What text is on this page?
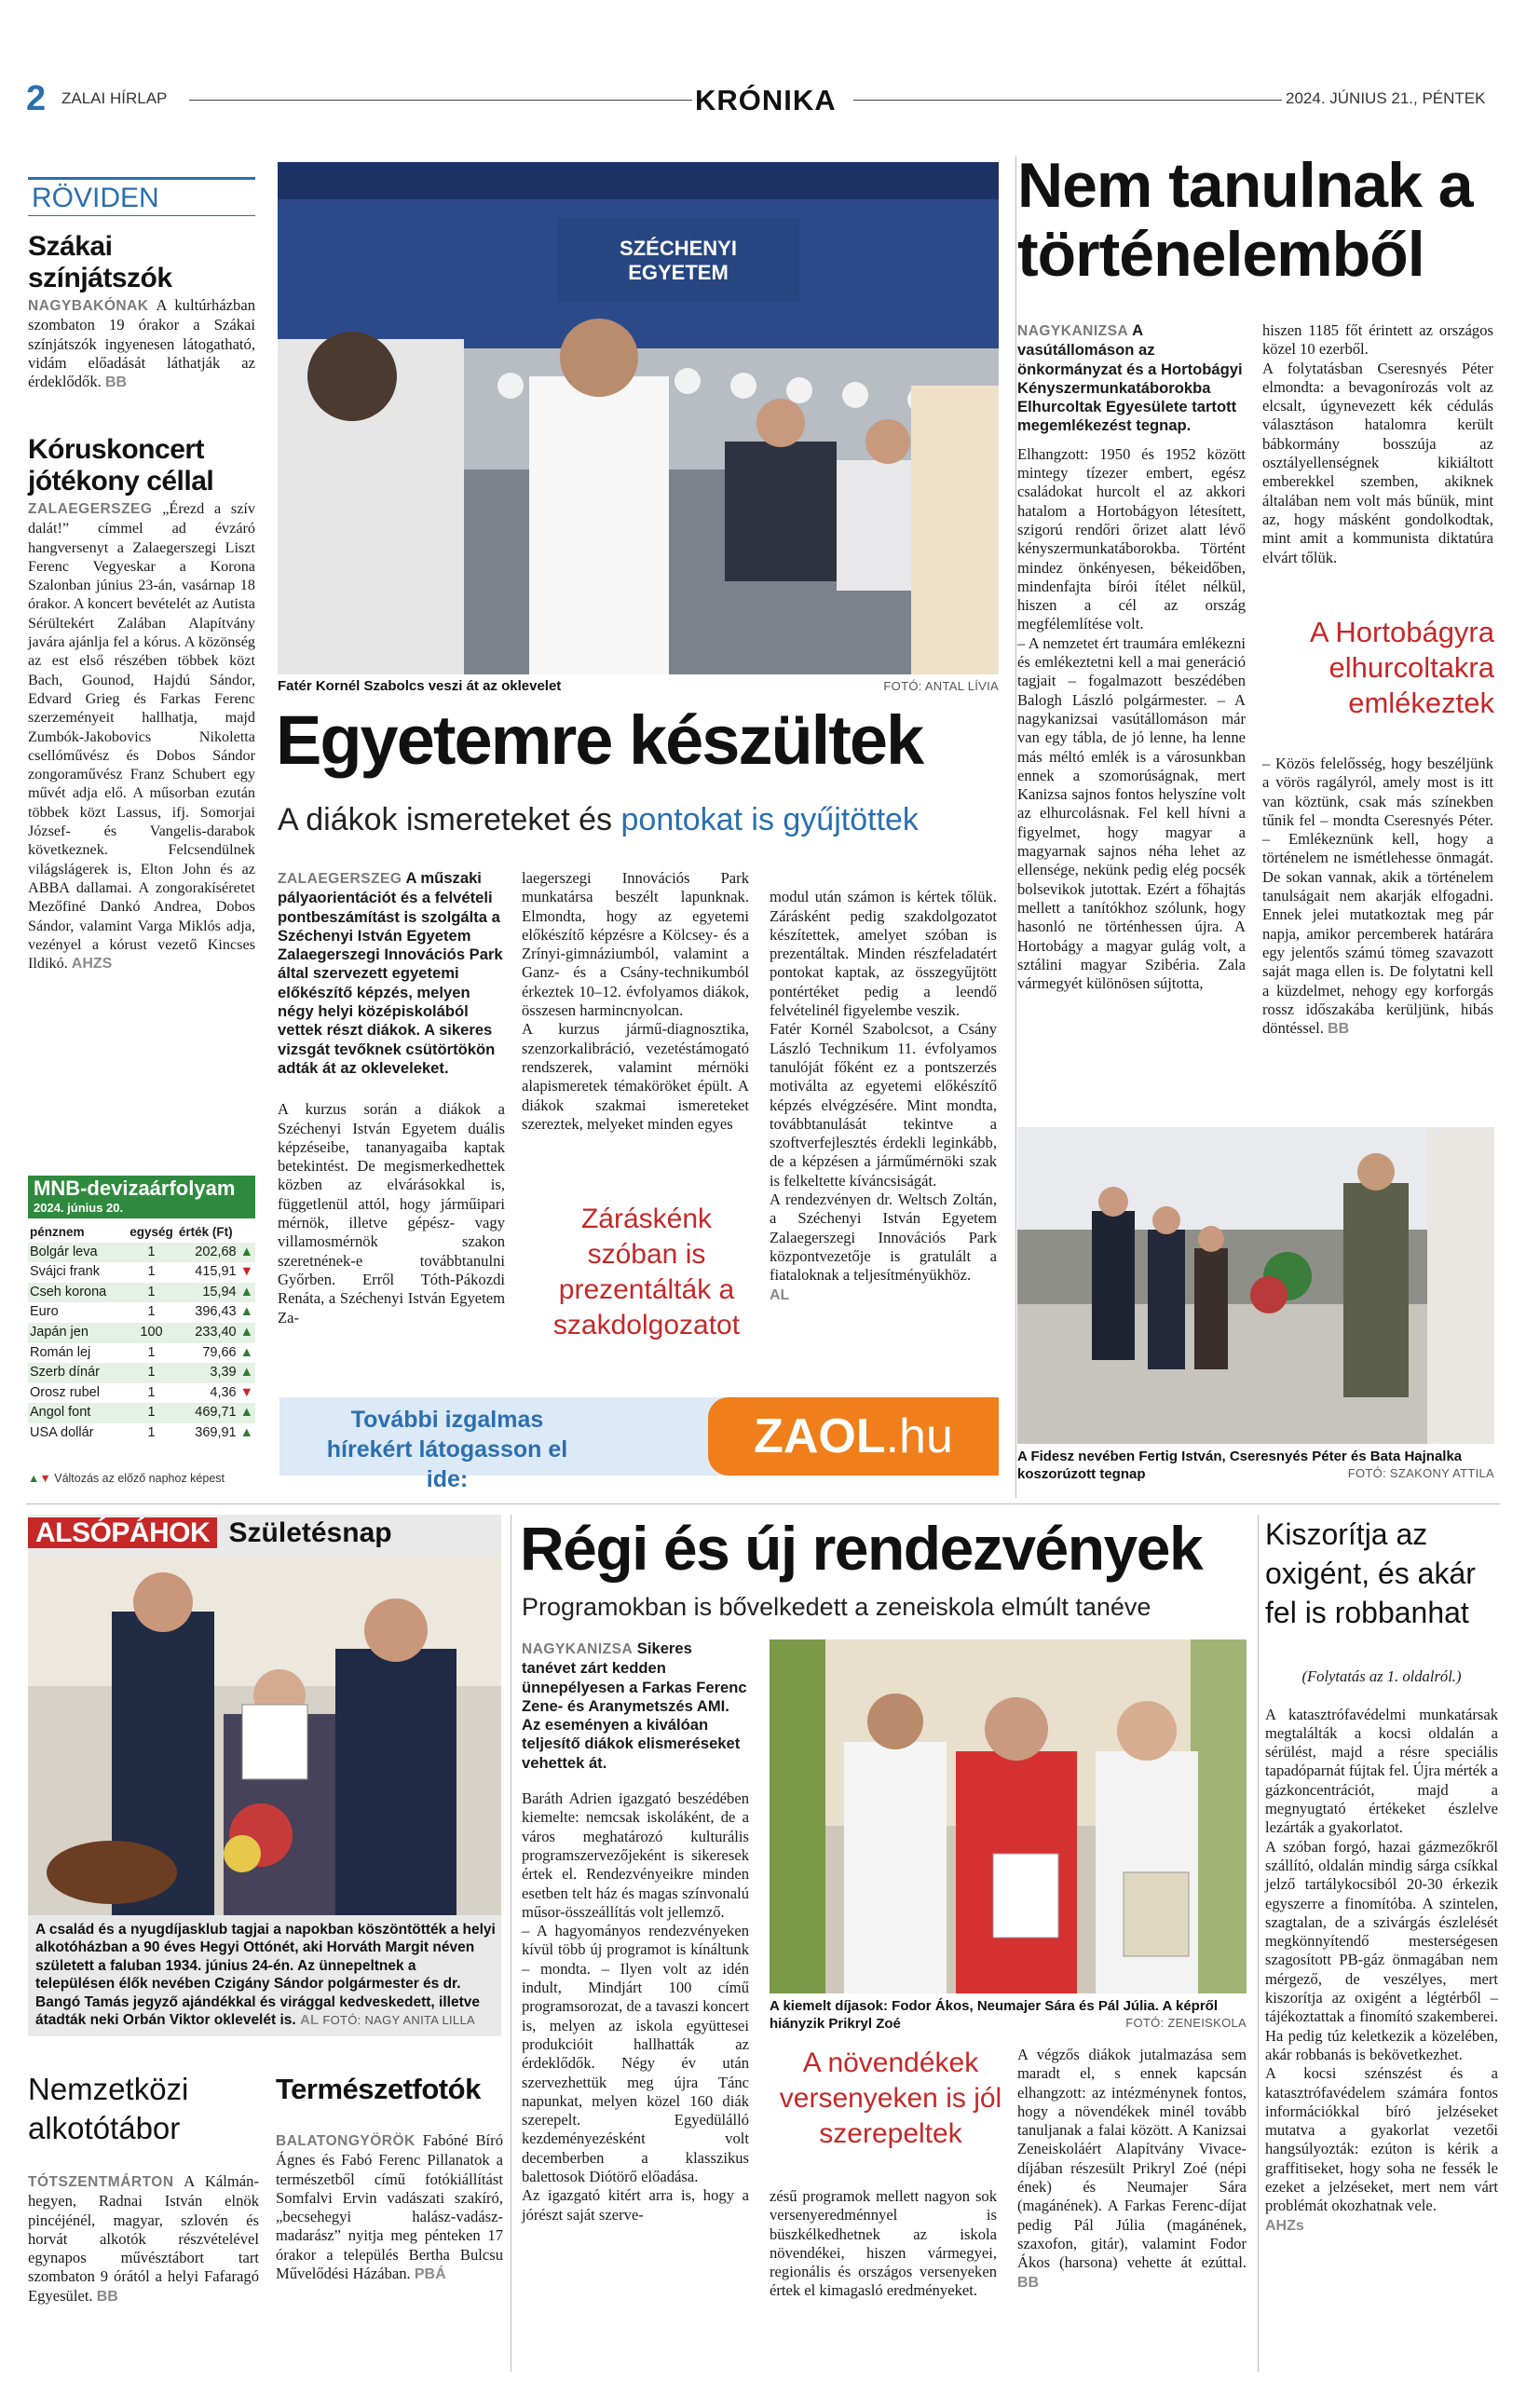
2 ZALAI HÍRLAP	KRÓNIKA	2024. JÚNIUS 21., PÉNTEK
RÖVIDEN
Szákai színjátszók
NAGYBAKÓNAK A kultúrházban szombaton 19 órakor a Szákai színjátszók ingyenesen látogatható, vidám előadását láthatják az érdeklődők. BB
Kóruskoncert jótékony céllal
ZALAEGERSZEG „Érezd a szív dalát!” címmel ad évzáró hangversenyt a Zalaegerszegi Liszt Ferenc Vegyeskar a Korona Szalonban június 23-án, vasárnap 18 órakor. A koncert bevételét az Autista Sérültekért Zalában Alapítvány javára ajánlja fel a kórus. A közönség az est első részében többek közt Bach, Gounod, Hajdú Sándor, Edvard Grieg és Farkas Ferenc szerzeményeit hallhatja, majd Zumbók-Jakobovics Nikoletta csellóművész és Dobos Sándor zongoraművész Franz Schubert egy művét adja elő. A műsorban ezután többek közt Lassus, ifj. Somorjai József- és Vangelis-darabok következnek. Felcsendülnek világslágerek is, Elton John és az ABBA dallamai. A zongorakíséretet Mezőfiné Dankó Andrea, Dobos Sándor, valamint Varga Miklós adja, vezényel a kórust vezető Kincses Ildikó. AHZS
MNB-devizaárfolyam
2024. június 20.
pénznem	egység	érték (Ft)
Bolgár leva	1	202,68 ▲
Svájci frank	1	415,91 ▼
Cseh korona	1	15,94 ▲
Euro	1	396,43 ▲
Japán jen	100	233,40 ▲
Román lej	1	79,66 ▲
Szerb dínár	1	3,39 ▲
Orosz rubel	1	4,36 ▼
Angol font	1	469,71 ▲
USA dollár	1	369,91 ▲
▲▼ Változás az előző naphoz képest
SZÉCHENYI
EGYETEM
Fatér Kornél Szabolcs veszi át az oklevelet	FOTÓ: ANTAL LÍVIA
Egyetemre készültek
A diákok ismereteket és pontokat is gyűjtöttek
ZALAEGERSZEG A műszaki pályaorientációt és a felvételi pontbeszámítást is szolgálta a Széchenyi István Egyetem Zalaegerszegi Innovációs Park által szervezett egyetemi előkészítő képzés, melyen négy helyi középiskolából vettek részt diákok. A sikeres vizsgát tevőknek csütörtökön adták át az okleveleket.
A kurzus során a diákok a Széchenyi István Egyetem duális képzéseibe, tananyagaiba kaptak betekintést. De megismerkedhettek közben az elvárásokkal is, függetlenül attól, hogy járműipari mérnök, illetve gépész- vagy villamosmérnök szakon szeretnének-e továbbtanulni Győrben. Erről Tóth-Pákozdi Renáta, a Széchenyi István Egyetem Za-
laegerszegi Innovációs Park munkatársa beszélt lapunknak. Elmondta, hogy az egyetemi előkészítő képzésre a Kölcsey- és a Zrínyi-gimnáziumból, valamint a Ganz- és a Csány-technikumból érkeztek 10–12. évfolyamos diákok, összesen harmincnyolcan.
A kurzus jármű-diagnosztika, szenzorkalibráció, vezetéstámogató rendszerek, valamint mérnöki alapismeretek témaköröket épült. A diákok szakmai ismereteket szereztek, melyeket minden egyes
Záráskénk szóban is prezentálták a szakdolgozatot

modul után számon is kértek tőlük. Zárásként pedig szakdolgozatot készítettek, amelyet szóban is prezentáltak. Minden részfeladatért pontokat kaptak, az összegyűjtött pontértéket pedig a leendő felvételinél figyelembe veszik.
Fatér Kornél Szabolcsot, a Csány László Technikum 11. évfolyamos tanulóját főként ez a pontszerzés motiválta az egyetemi előkészítő képzés elvégzésére. Mint mondta, továbbtanulását tekintve a szoftverfejlesztés érdekli leginkább, de a képzésen a járműmérnöki szak is felkeltette kíváncsiságát.
A rendezvényen dr. Weltsch Zoltán, a Széchenyi István Egyetem Zalaegerszegi Innovációs Park központvezetője is gratulált a fiataloknak a teljesítményükhöz.
AL

További izgalmas hírekért látogasson el ide:
ZAOL.hu
Nem tanulnak a történelemből
NAGYKANIZSA A vasútállomáson az önkormányzat és a Hortobágyi Kényszermunkatáborokba Elhurcoltak Egyesülete tartott megemlékezést tegnap.
Elhangzott: 1950 és 1952 között mintegy tízezer embert, egész családokat hurcolt el az akkori hatalom a Hortobágyon létesített, szigorú rendőri őrizet alatt lévő kényszermunkatáborokba. Történt mindez önkényesen, békeidőben, mindenfajta bírói ítélet nélkül, hiszen a cél az ország megfélemlítése volt.
– A nemzetet ért traumára emlékezni és emlékeztetni kell a mai generáció tagjait – fogalmazott beszédében Balogh László polgármester. – A nagykanizsai vasútállomáson már van egy tábla, de jó lenne, ha lenne más méltó emlék is a városunkban ennek a szomorúságnak, mert Kanizsa sajnos fontos helyszíne volt az elhurcolásnak. Fel kell hívni a figyelmet, hogy magyar a magyarnak sajnos néha lehet az ellensége, nekünk pedig elég pocsék bolsevikok jutottak. Ezért a főhajtás mellett a tanítókhoz szólunk, hogy hasonló ne történhessen újra. A Hortobágy a magyar gulág volt, a sztálini magyar Szibéria. Zala vármegyét különösen sújtotta,
hiszen 1185 főt érintett az országos közel 10 ezerből.
A folytatásban Cseresnyés Péter elmondta: a bevagonírozás volt az elcsalt, úgynevezett kék cédulás választáson hatalomra került bábkormány bosszúja az osztályellenségnek kikiáltott emberekkel szemben, akiknek általában nem volt más bűnük, mint az, hogy másként gondolkodtak, mint amit a kommunista diktatúra elvárt tőlük.
A Hortobágyra elhurcoltakra emlékeztek
– Közös felelősség, hogy beszéljünk a vörös ragályról, amely most is itt van köztünk, csak más színekben tűnik fel – mondta Cseresnyés Péter. – Emlékeznünk kell, hogy a történelem ne ismétlehesse önmagát. De sokan vannak, akik a történelem tanulságait nem akarják elfogadni. Ennek jelei mutatkoztak meg pár napja, amikor percemberek határára egy jelentős számú tömeg szavazott saját maga ellen is. De folytatni kell a küzdelmet, nehogy egy korforgás rossz időszakába kerüljünk, hibás döntéssel. BB
A Fidesz nevében Fertig István, Cseresnyés Péter és Bata Hajnalka koszorúzott tegnap	FOTÓ: SZAKONY ATTILA
ALSÓPÁHOK Születésnap
A család és a nyugdíjasklub tagjai a napokban köszöntötték a helyi alkotóházban a 90 éves Hegyi Ottónét, aki Horváth Margit néven született a faluban 1934. június 24-én. Az ünnepeltnek a településen élők nevében Czigány Sándor polgármester és dr. Bangó Tamás jegyző ajándékkal és virággal kedveskedett, illetve átadták neki Orbán Viktor oklevelét is. AL FOTÓ: NAGY ANITA LILLA
Nemzetközi alkotótábor
TÓTSZENTMÁRTON A Kálmán-hegyen, Radnai István elnök pincéjénél, magyar, szlovén és horvát alkotók részvételével egynapos művésztábort tart szombaton 9 órától a helyi Fafaragó Egyesület. BB
Természetfotók
BALATONGYÖRÖK Fabóné Bíró Ágnes és Fabó Ferenc Pillanatok a természetből című fotókiállítást Somfalvi Ervin vadászati szakíró, „becsehegyi halász-vadász-madarász” nyitja meg pénteken 17 órakor a település Bertha Bulcsu Művelődési Házában. PBÁ
Régi és új rendezvények
Programokban is bővelkedett a zeneiskola elmúlt tanéve
NAGYKANIZSA Sikeres tanévet zárt kedden ünnepélyesen a Farkas Ferenc Zene- és Aranymetszés AMI. Az eseményen a kiválóan teljesítő diákok elismeréseket vehettek át.
Baráth Adrien igazgató beszédében kiemelte: nemcsak iskoláként, de a város meghatározó kulturális programszervezőjeként is sikeresek értek el. Rendezvényeikre minden esetben telt ház és magas színvonalú műsor-összeállítás volt jellemző.
– A hagyományos rendezvényeken kívül több új programot is kínáltunk – mondta. – Ilyen volt az idén indult, Mindjárt 100 című programsorozat, de a tavaszi koncert is, melyen az iskola együttesei produkcióit hallhatták az érdeklődők. Négy év után szervezhettük meg újra Tánc napunkat, melyen közel 160 diák szerepelt. Egyedülálló kezdeményezésként volt decemberben a klasszikus balettosok Diótörő előadása.
Az igazgató kitért arra is, hogy a jórészt saját szerve-
A kiemelt díjasok: Fodor Ákos, Neumajer Sára és Pál Júlia. A képről hiányzik Prikryl Zoé	FOTÓ: ZENEISKOLA
A növendékek versenyeken is jól szerepeltek
zésű programok mellett nagyon sok versenyeredménnyel is büszkélkedhetnek az iskola növendékei, hiszen vármegyei, regionális és országos versenyeken értek el kimagasló eredményeket.
A végzős diákok jutalmazása sem maradt el, s ennek kapcsán elhangzott: az intézménynek fontos, hogy a növendékek minél tovább tanuljanak a falai között. A Kanizsai Zeneiskoláért Alapítvány Vivace-díjában részesült Prikryl Zoé (népi ének) és Neumajer Sára (magánének). A Farkas Ferenc-díjat pedig Pál Júlia (magánének, szaxofon, gitár), valamint Fodor Ákos (harsona) vehette át ezúttal. BB
Kiszorítja az oxigént, és akár fel is robbanhat
(Folytatás az 1. oldalról.)

A katasztrófavédelmi munkatársak megtalálták a kocsi oldalán a sérülést, majd a résre speciális tapadóparnát fújtak fel. Újra mérték a gázkoncentrációt, majd a megnyugtató értékeket észlelve lezárták a gyakorlatot.
A szóban forgó, hazai gázmezőkről szállító, oldalán mindig sárga csíkkal jelző tartálykocsiból 20-30 érkezik egyszerre a finomítóba. A szintelen, szagtalan, de a szivárgás észlelését megkönnyítendő mesterségesen szagosított PB-gáz önmagában nem mérgező, de veszélyes, mert kiszorítja az oxigént a légtérből – tájékoztattak a finomító szakemberei. Ha pedig túz keletkezik a közelében, akár robbanás is bekövetkezhet.
A kocsi szénszést és a katasztrófavédelem számára fontos információkkal bíró jelzéseket mutatva a gyakorlat vezetői hangsúlyozták: ezúton is kérik a graffitiseket, hogy soha ne fessék le ezeket a jelzéseket, mert nem várt problémát okozhatnak vele.
AHZs
